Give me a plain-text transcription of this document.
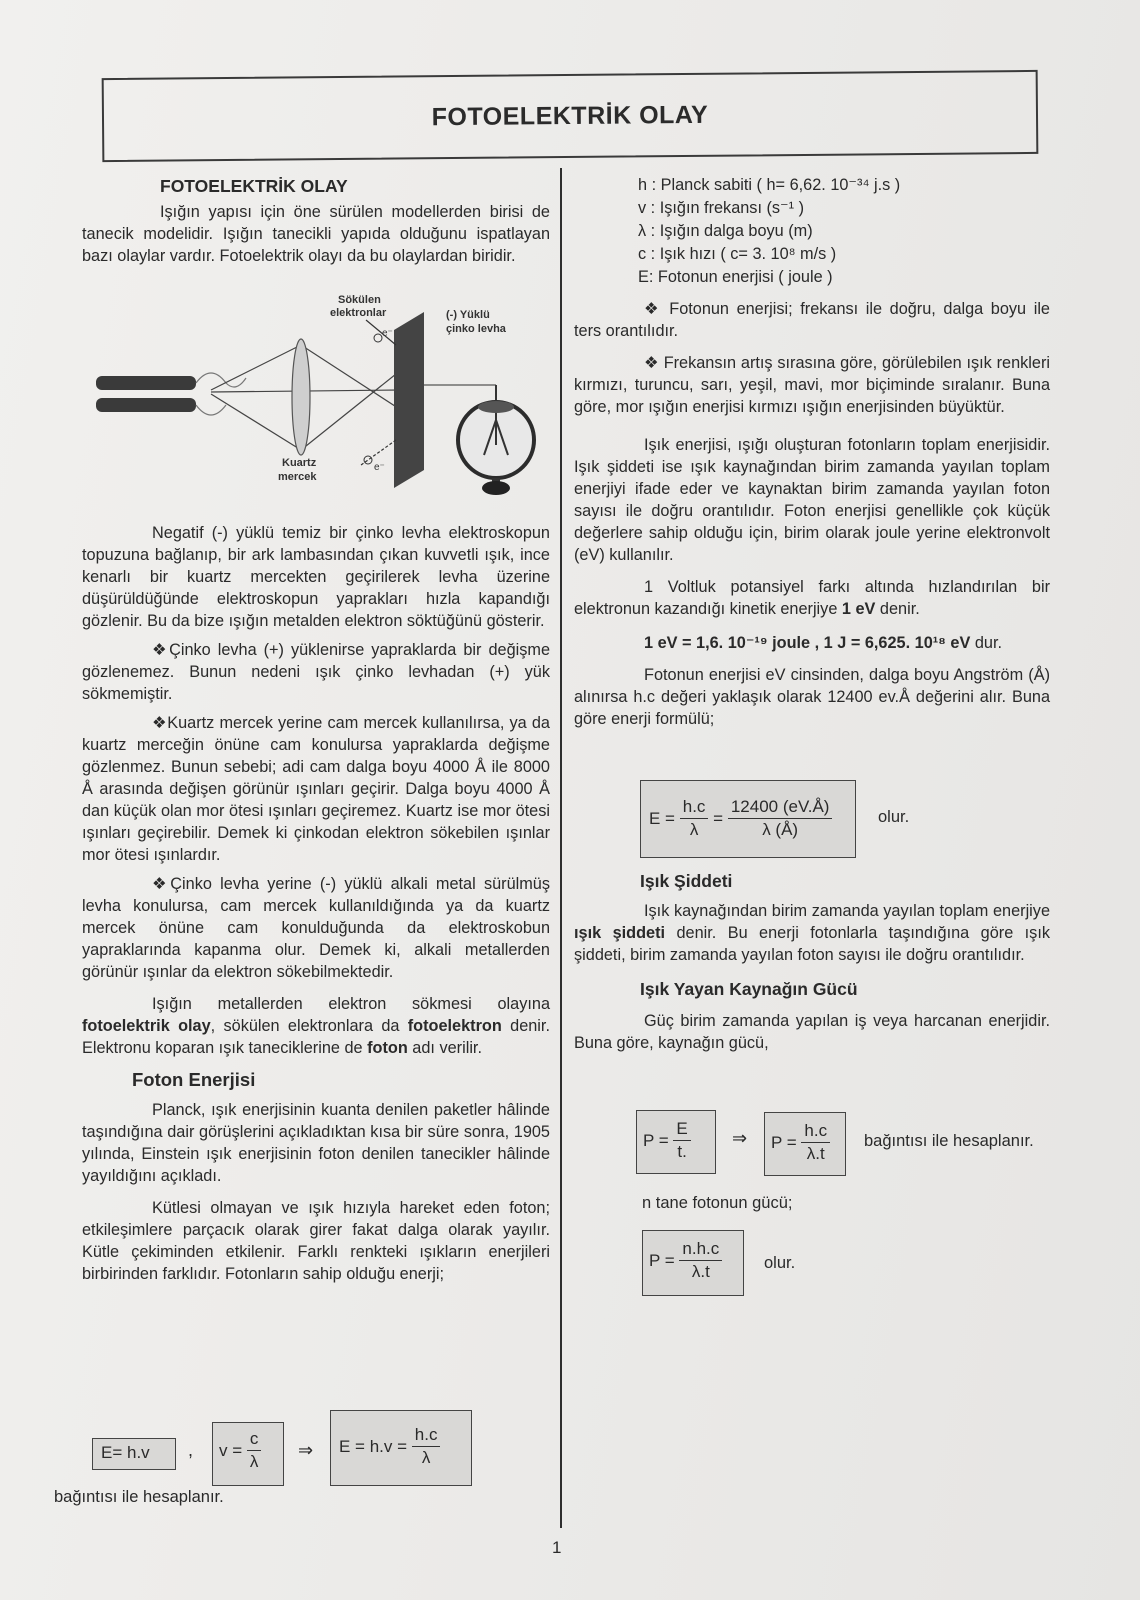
FOTOELEKTRİK OLAY
FOTOELEKTRİK OLAY

Işığın yapısı için öne sürülen modellerden birisi de tanecik modelidir. Işığın tanecikli yapıda olduğunu ispatlayan bazı olaylar vardır. Fotoelektrik olayı da bu olaylardan biridir.

Sökülen
elektronlar	(-) Yüklü
çinko levha
Kuartz
mercek
e⁻
e⁻

Negatif (-) yüklü temiz bir çinko levha elektroskopun topuzuna bağlanıp, bir ark lambasından çıkan kuvvetli ışık, ince kenarlı bir kuartz mercekten geçirilerek levha üzerine düşürüldüğünde elektroskopun yaprakları hızla kapandığı gözlenir. Bu da bize ışığın metalden elektron söktüğünü gösterir.

❖Çinko levha (+) yüklenirse yapraklarda bir değişme gözlenemez. Bunun nedeni ışık çinko levhadan (+) yük sökmemiştir.

❖Kuartz mercek yerine cam mercek kullanılırsa, ya da kuartz merceğin önüne cam konulursa yapraklarda değişme gözlenmez. Bunun sebebi; adi cam dalga boyu 4000 Å ile 8000 Å arasında değişen görünür ışınları geçirir. Dalga boyu 4000 Å dan küçük olan mor ötesi ışınları geçiremez. Kuartz ise mor ötesi ışınları geçirebilir. Demek ki çinkodan elektron sökebilen ışınlar mor ötesi ışınlardır.

❖Çinko levha yerine (-) yüklü alkali metal sürülmüş levha konulursa, cam mercek kullanıldığında ya da kuartz mercek önüne cam konulduğunda da elektroskobun yapraklarında kapanma olur. Demek ki, alkali metallerden görünür ışınlar da elektron sökebilmektedir.

Işığın metallerden elektron sökmesi olayına fotoelektrik olay, sökülen elektronlara da fotoelektron denir. Elektronu koparan ışık taneciklerine de foton adı verilir.

Foton Enerjisi

Planck, ışık enerjisinin kuanta denilen paketler hâlinde taşındığına dair görüşlerini açıkladıktan kısa bir süre sonra, 1905 yılında, Einstein ışık enerjisinin foton denilen tanecikler hâlinde yayıldığını açıkladı.

Kütlesi olmayan ve ışık hızıyla hareket eden foton; etkileşimlere parçacık olarak girer fakat dalga olarak yayılır. Kütle çekiminden etkilenir. Farklı renkteki ışıkların enerjileri birbirinden farklıdır. Fotonların sahip olduğu enerji;

E= h.v	,	$v = \frac{c}{\lambda}$ ⇒	$E = h.v = \frac{h.c}{\lambda}$
bağıntısı ile hesaplanır.
h : Planck sabiti ( h= 6,62. 10⁻³⁴ j.s )
v : Işığın frekansı (s⁻¹ )
λ : Işığın dalga boyu (m)
c : Işık hızı ( c= 3. 10⁸ m/s )
E: Fotonun enerjisi ( joule )

❖ Fotonun enerjisi; frekansı ile doğru, dalga boyu ile ters orantılıdır.

❖ Frekansın artış sırasına göre, görülebilen ışık renkleri kırmızı, turuncu, sarı, yeşil, mavi, mor biçiminde sıralanır. Buna göre, mor ışığın enerjisi kırmızı ışığın enerjisinden büyüktür.

Işık enerjisi, ışığı oluşturan fotonların toplam enerjisidir. Işık şiddeti ise ışık kaynağından birim zamanda yayılan toplam enerjiyi ifade eder ve kaynaktan birim zamanda yayılan foton sayısı ile doğru orantılıdır. Foton enerjisi genellikle çok küçük değerlere sahip olduğu için, birim olarak joule yerine elektronvolt (eV) kullanılır.

1 Voltluk potansiyel farkı altında hızlandırılan bir elektronun kazandığı kinetik enerjiye 1 eV denir.

1 eV = 1,6. 10⁻¹⁹ joule , 1 J = 6,625. 10¹⁸ eV dur.

Fotonun enerjisi eV cinsinden, dalga boyu Angström (Å) alınırsa h.c değeri yaklaşık olarak 12400 ev.Å değerini alır. Buna göre enerji formülü;

$E = \frac{h.c}{\lambda} = \frac{12400 (eV.Å)}{\lambda (Å)}$	olur.
Işık Şiddeti

Işık kaynağından birim zamanda yayılan toplam enerjiye ışık şiddeti denir. Bu enerji fotonlarla taşındığına göre ışık şiddeti, birim zamanda yayılan foton sayısı ile doğru orantılıdır.

Işık Yayan Kaynağın Gücü

Güç birim zamanda yapılan iş veya harcanan enerjidir. Buna göre, kaynağın gücü,

$P = \frac{E}{t.}$ ⇒	$P = \frac{h.c}{\lambda.t}$ bağıntısı ile hesaplanır.
n tane fotonun gücü;
$P = \frac{n.h.c}{\lambda.t}$	olur.
1
